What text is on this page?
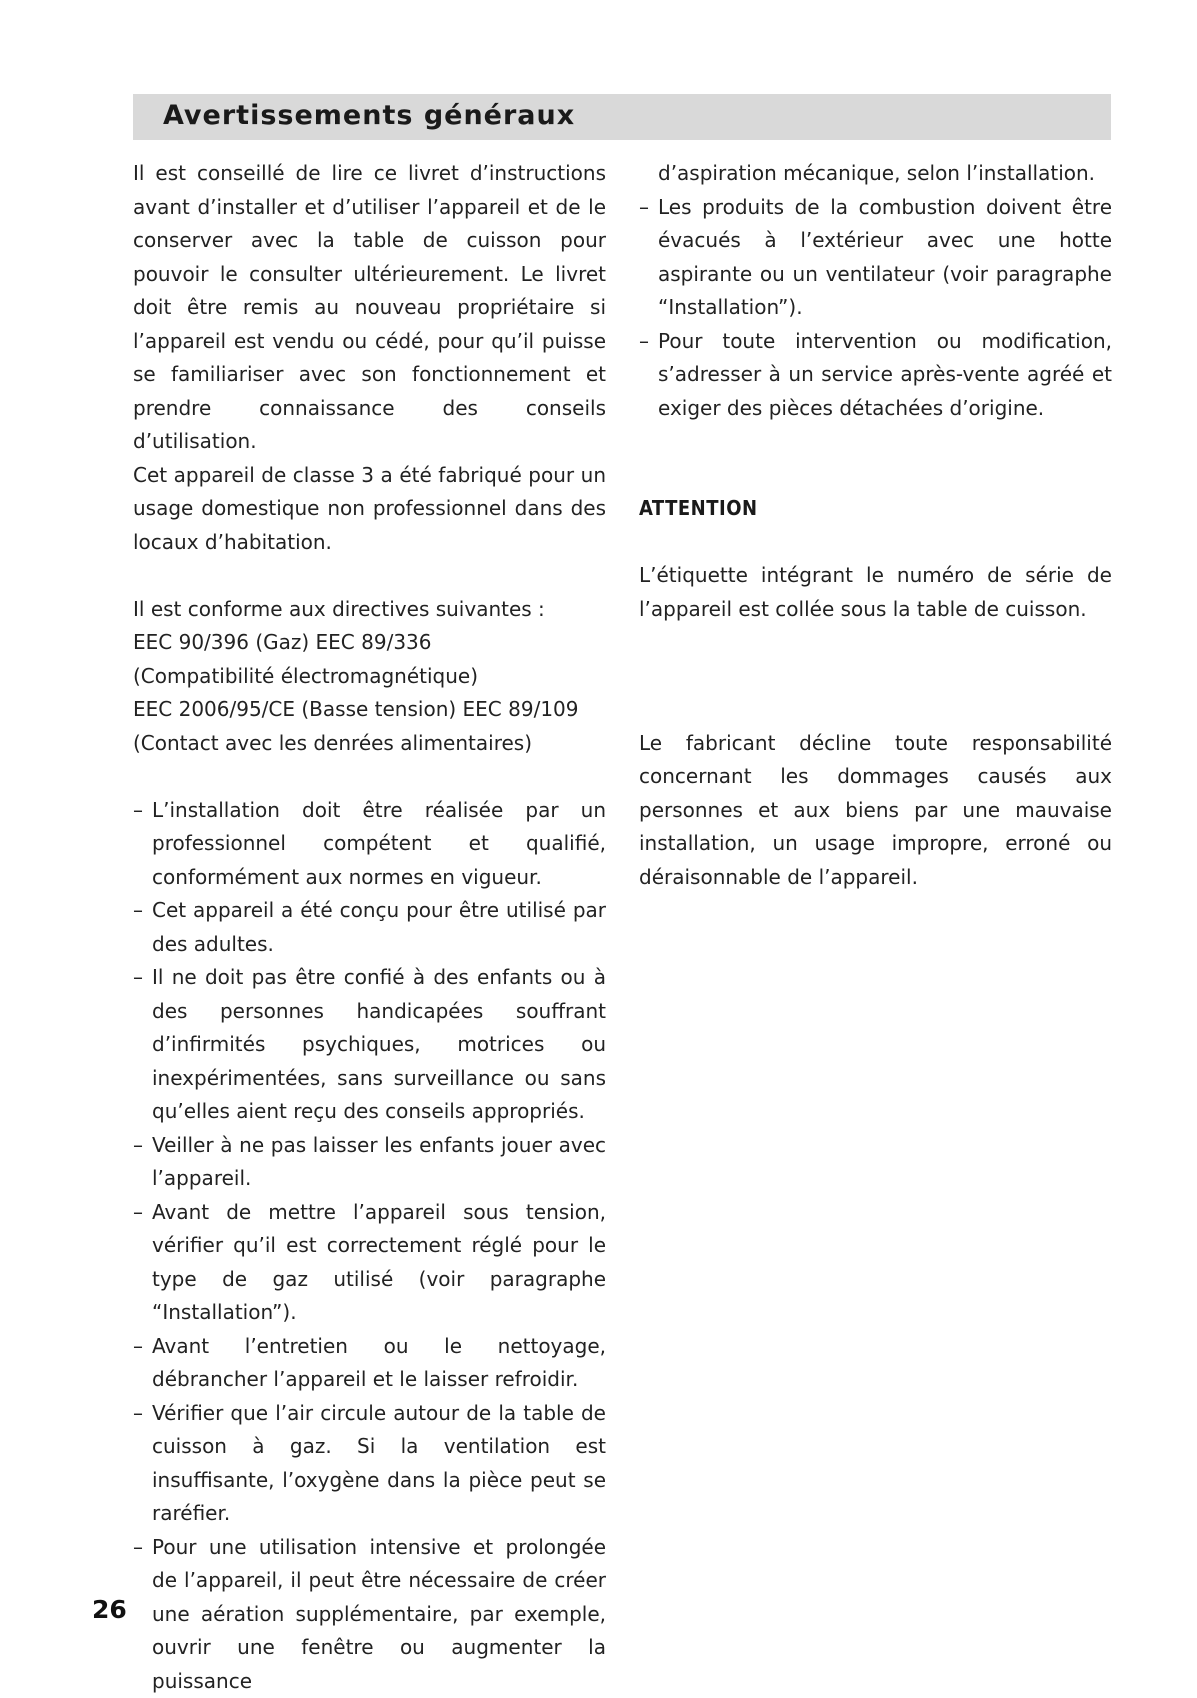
Avertissements généraux

Il est conseillé de lire ce livret d’instructions avant d’installer et d’utiliser l’appareil et de le conserver avec la table de cuisson pour pouvoir le consulter ultérieurement. Le livret doit être remis au nouveau propriétaire si l’appareil est vendu ou cédé, pour qu’il puisse se familiariser avec son fonctionnement et prendre connaissance des conseils d’utilisation.

Cet appareil de classe 3 a été fabriqué pour un usage domestique non professionnel dans des locaux d’habitation.

Il est conforme aux directives suivantes :

EEC 90/396 (Gaz) EEC 89/336

(Compatibilité électromagnétique)

EEC 2006/95/CE (Basse tension) EEC 89/109 (Contact avec les denrées alimentaires)

– L’installation doit être réalisée par un professionnel compétent et qualifié, conformément aux normes en vigueur.
– Cet appareil a été conçu pour être utilisé par des adultes.
– Il ne doit pas être confié à des enfants ou à des personnes handicapées souffrant d’infirmités psychiques, motrices ou inexpérimentées, sans surveillance ou sans qu’elles aient reçu des conseils appropriés.
– Veiller à ne pas laisser les enfants jouer avec l’appareil.
– Avant de mettre l’appareil sous tension, vérifier qu’il est correctement réglé pour le type de gaz utilisé (voir paragraphe “Installation”).
– Avant l’entretien ou le nettoyage, débrancher l’appareil et le laisser refroidir.
– Vérifier que l’air circule autour de la table de cuisson à gaz. Si la ventilation est insuffisante, l’oxygène dans la pièce peut se raréfier.
– Pour une utilisation intensive et prolongée de l’appareil, il peut être nécessaire de créer une aération supplémentaire, par exemple, ouvrir une fenêtre ou augmenter la puissance

d’aspiration mécanique, selon l’installation.

– Les produits de la combustion doivent être évacués à l’extérieur avec une hotte aspirante ou un ventilateur (voir paragraphe “Installation”).
– Pour toute intervention ou modification, s’adresser à un service après-vente agréé et exiger des pièces détachées d’origine.

ATTENTION

L’étiquette intégrant le numéro de série de l’appareil est collée sous la table de cuisson.

Le fabricant décline toute responsabilité concernant les dommages causés aux personnes et aux biens par une mauvaise installation, un usage impropre, erroné ou déraisonnable de l’appareil.

26
